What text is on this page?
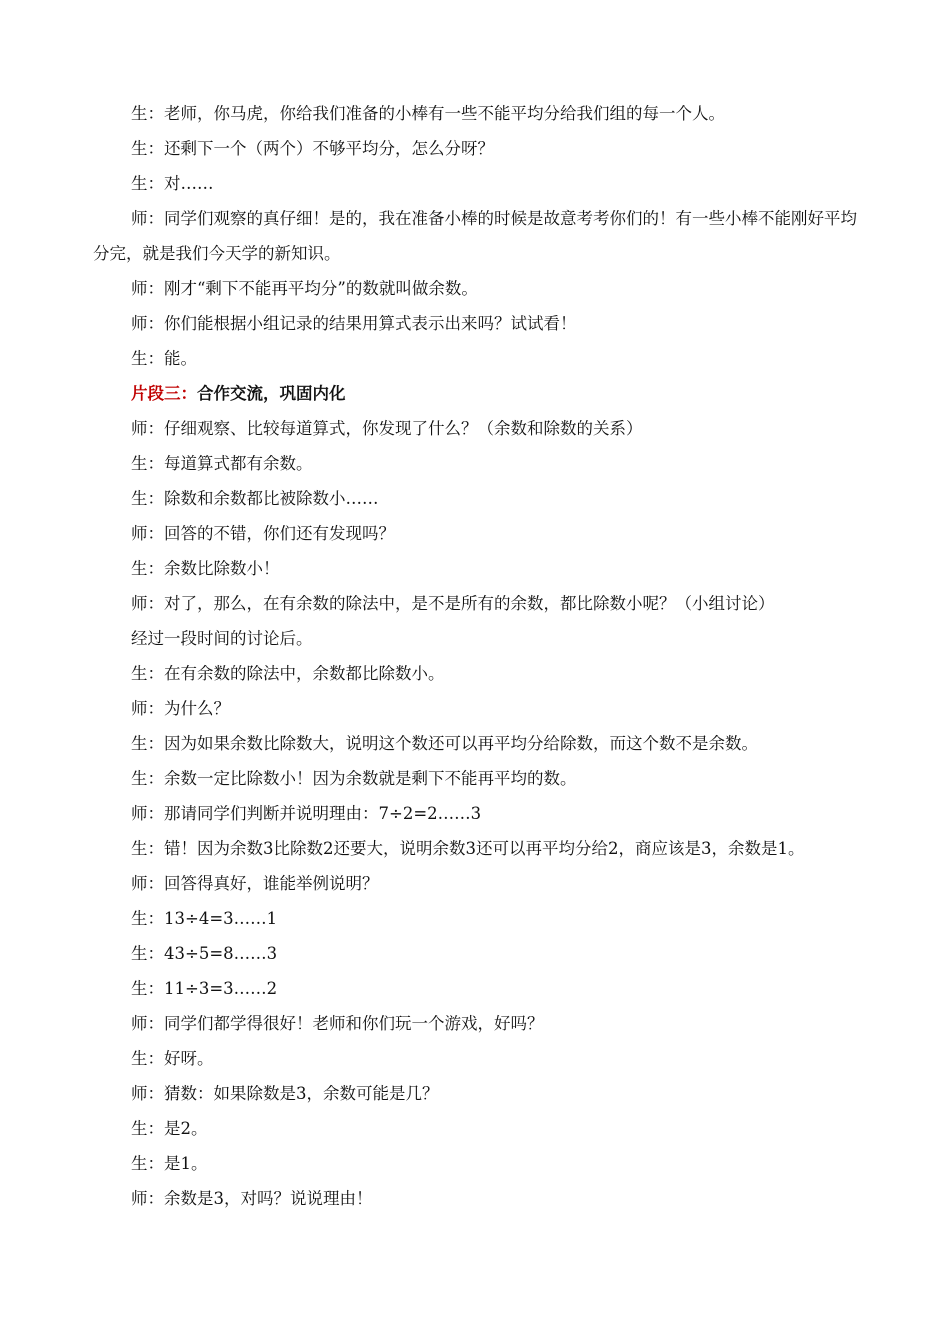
生：老师，你马虎，你给我们准备的小棒有一些不能平均分给我们组的每一个人。

生：还剩下一个（两个）不够平均分，怎么分呀？

生：对……

师：同学们观察的真仔细！是的，我在准备小棒的时候是故意考考你们的！有一些小棒不能刚好平均分完，就是我们今天学的新知识。

师：刚才“剩下不能再平均分”的数就叫做余数。

师：你们能根据小组记录的结果用算式表示出来吗？试试看！

生：能。

片段三：合作交流，巩固内化

师：仔细观察、比较每道算式，你发现了什么？（余数和除数的关系）

生：每道算式都有余数。

生：除数和余数都比被除数小……

师：回答的不错，你们还有发现吗？

生：余数比除数小！

师：对了，那么，在有余数的除法中，是不是所有的余数，都比除数小呢？（小组讨论）

经过一段时间的讨论后。

生：在有余数的除法中，余数都比除数小。

师：为什么？

生：因为如果余数比除数大，说明这个数还可以再平均分给除数，而这个数不是余数。

生：余数一定比除数小！因为余数就是剩下不能再平均的数。

师：那请同学们判断并说明理由：7÷2=2……3

生：错！因为余数3比除数2还要大，说明余数3还可以再平均分给2，商应该是3，余数是1。

师：回答得真好，谁能举例说明？

生：13÷4=3……1

生：43÷5=8……3

生：11÷3=3……2

师：同学们都学得很好！老师和你们玩一个游戏，好吗？

生：好呀。

师：猜数：如果除数是3，余数可能是几？

生：是2。

生：是1。

师：余数是3，对吗？说说理由！
